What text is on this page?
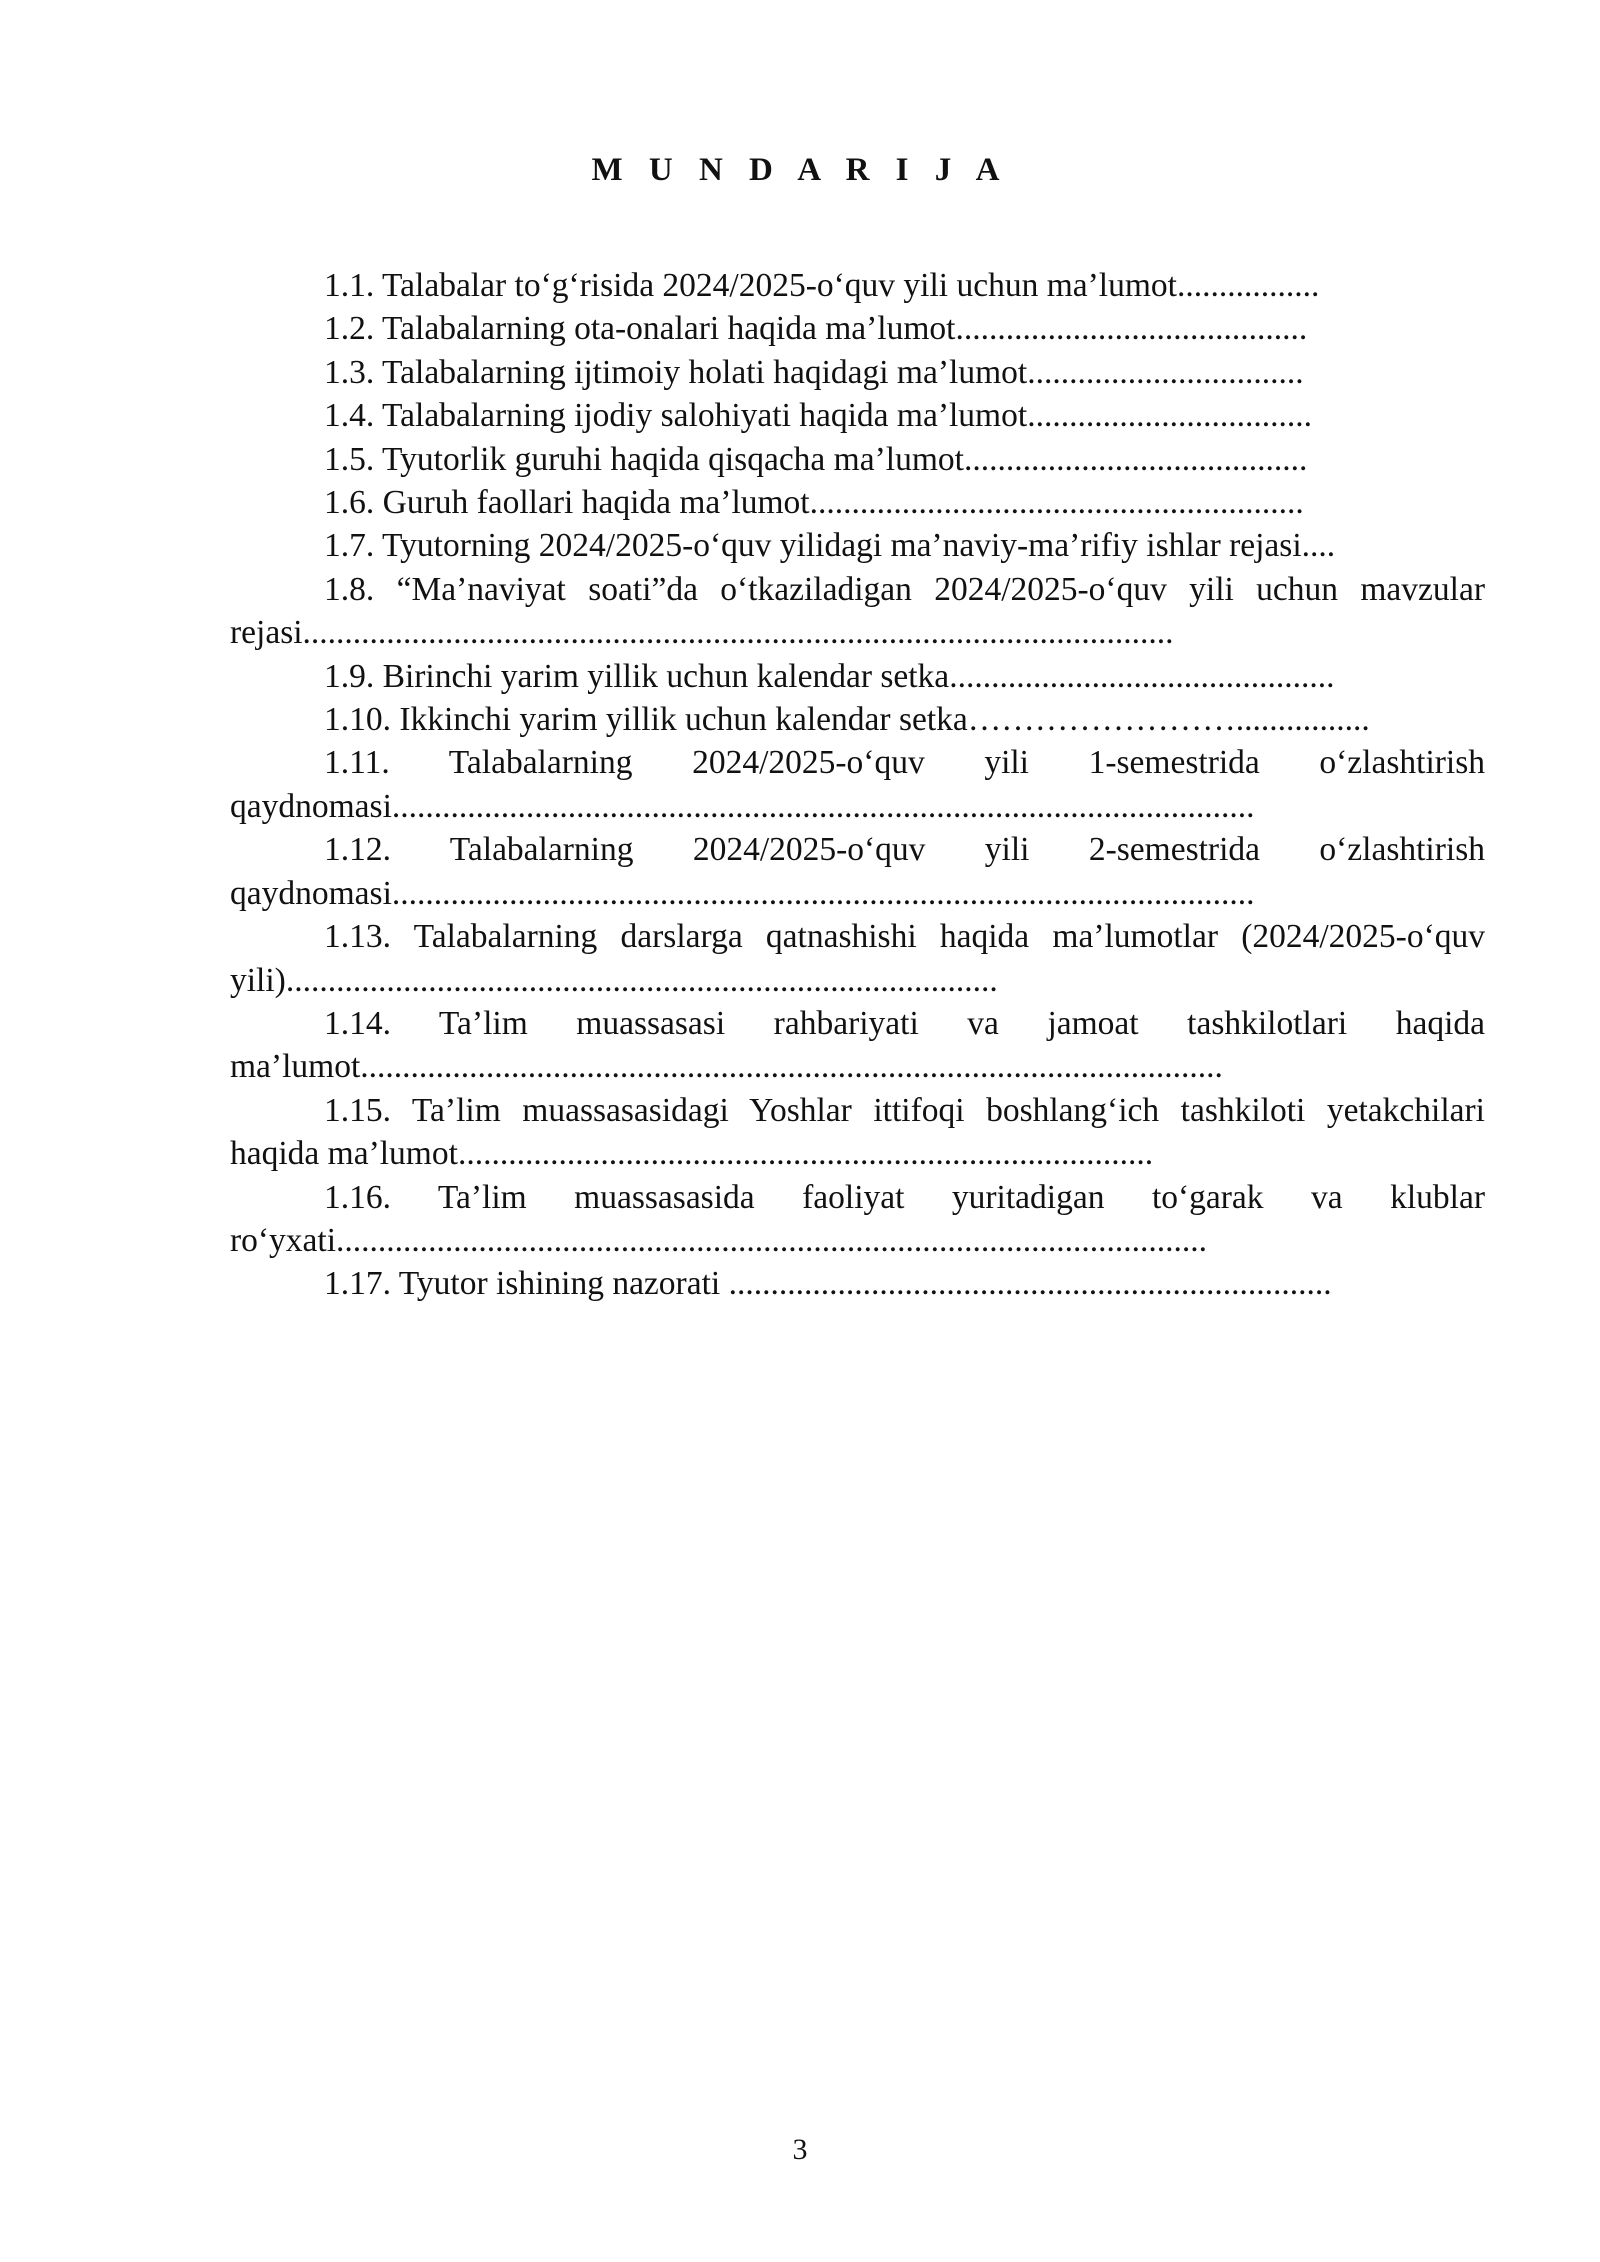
M U N D A R I J A

1.1. Talabalar to‘g‘risida 2024/2025-o‘quv yili uchun ma’lumot.................

1.2. Talabalarning ota-onalari haqida ma’lumot..........................................

1.3. Talabalarning ijtimoiy holati haqidagi ma’lumot.................................

1.4. Talabalarning ijodiy salohiyati haqida ma’lumot..................................

1.5. Tyutorlik guruhi haqida qisqacha ma’lumot.........................................

1.6. Guruh faollari haqida ma’lumot...........................................................

1.7. Tyutorning 2024/2025-o‘quv yilidagi ma’naviy-ma’rifiy ishlar rejasi....

1.8. “Ma’naviyat soati”da o‘tkaziladigan 2024/2025-o‘quv yili uchun mavzular rejasi........................................................................................................

1.9. Birinchi yarim yillik uchun kalendar setka..............................................

1.10. Ikkinchi yarim yillik uchun kalendar setka……………………................

1.11. Talabalarning 2024/2025-o‘quv yili 1-semestrida o‘zlashtirish qaydnomasi.......................................................................................................

1.12. Talabalarning 2024/2025-o‘quv yili 2-semestrida o‘zlashtirish qaydnomasi.......................................................................................................

1.13. Talabalarning darslarga qatnashishi haqida ma’lumotlar (2024/2025-o‘quv yili).....................................................................................

1.14. Ta’lim muassasasi rahbariyati va jamoat tashkilotlari haqida ma’lumot.......................................................................................................

1.15. Ta’lim muassasasidagi Yoshlar ittifoqi boshlang‘ich tashkiloti yetakchilari haqida ma’lumot...................................................................................

1.16. Ta’lim muassasasida faoliyat yuritadigan to‘garak va klublar ro‘yxati........................................................................................................

1.17. Tyutor ishining nazorati ........................................................................

3
